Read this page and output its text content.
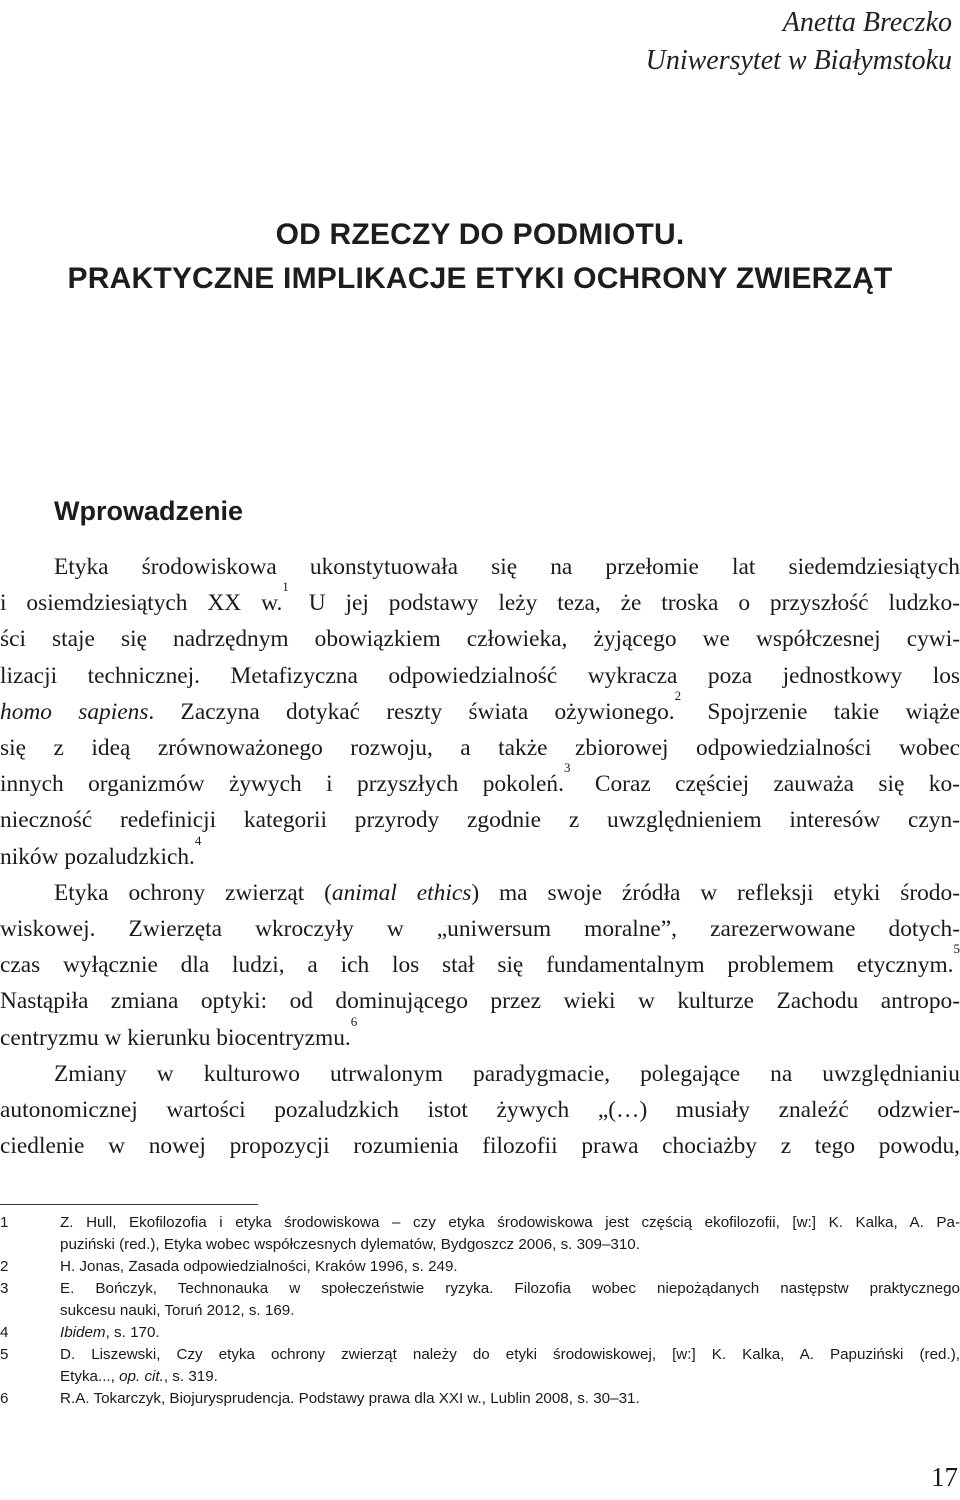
Anetta Breczko
Uniwersytet w Białymstoku
OD RZECZY DO PODMIOTU.
PRAKTYCZNE IMPLIKACJE ETYKI OCHRONY ZWIERZĄT
Wprowadzenie
Etyka środowiskowa ukonstytuowała się na przełomie lat siedemdziesiątych
i osiemdziesiątych XX w.$^1$ U jej podstawy leży teza, że troska o przyszłość ludzko-
ści staje się nadrzędnym obowiązkiem człowieka, żyjącego we współczesnej cywi-
lizacji technicznej. Metafizyczna odpowiedzialność wykracza poza jednostkowy los
homo sapiens. Zaczyna dotykać reszty świata ożywionego.$^2$ Spojrzenie takie wiąże
się z ideą zrównoważonego rozwoju, a także zbiorowej odpowiedzialności wobec
innych organizmów żywych i przyszłych pokoleń.$^3$ Coraz częściej zauważa się ko-
nieczność redefinicji kategorii przyrody zgodnie z uwzględnieniem interesów czyn-
ników pozaludzkich.$^4$
Etyka ochrony zwierząt (animal ethics) ma swoje źródła w refleksji etyki środo-
wiskowej. Zwierzęta wkroczyły w „uniwersum moralne”, zarezerwowane dotych-
czas wyłącznie dla ludzi, a ich los stał się fundamentalnym problemem etycznym.$^5$
Nastąpiła zmiana optyki: od dominującego przez wieki w kulturze Zachodu antropo-
centryzmu w kierunku biocentryzmu.$^6$
Zmiany w kulturowo utrwalonym paradygmacie, polegające na uwzględnianiu
autonomicznej wartości pozaludzkich istot żywych „(…) musiały znaleźć odzwier-
ciedlenie w nowej propozycji rozumienia filozofii prawa chociażby z tego powodu,
1	Z. Hull, Ekofilozofia i etyka środowiskowa – czy etyka środowiskowa jest częścią ekofilozofii, [w:] K. Kalka, A. Pa-
puziński (red.), Etyka wobec współczesnych dylematów, Bydgoszcz 2006, s. 309–310.
2	H. Jonas, Zasada odpowiedzialności, Kraków 1996, s. 249.
3	E. Bończyk, Technonauka w społeczeństwie ryzyka. Filozofia wobec niepożądanych następstw praktycznego
sukcesu nauki, Toruń 2012, s. 169.
4	Ibidem, s. 170.
5	D. Liszewski, Czy etyka ochrony zwierząt należy do etyki środowiskowej, [w:] K. Kalka, A. Papuziński (red.),
Etyka..., op. cit., s. 319.
6	R.A. Tokarczyk, Biojurysprudencja. Podstawy prawa dla XXI w., Lublin 2008, s. 30–31.
17
